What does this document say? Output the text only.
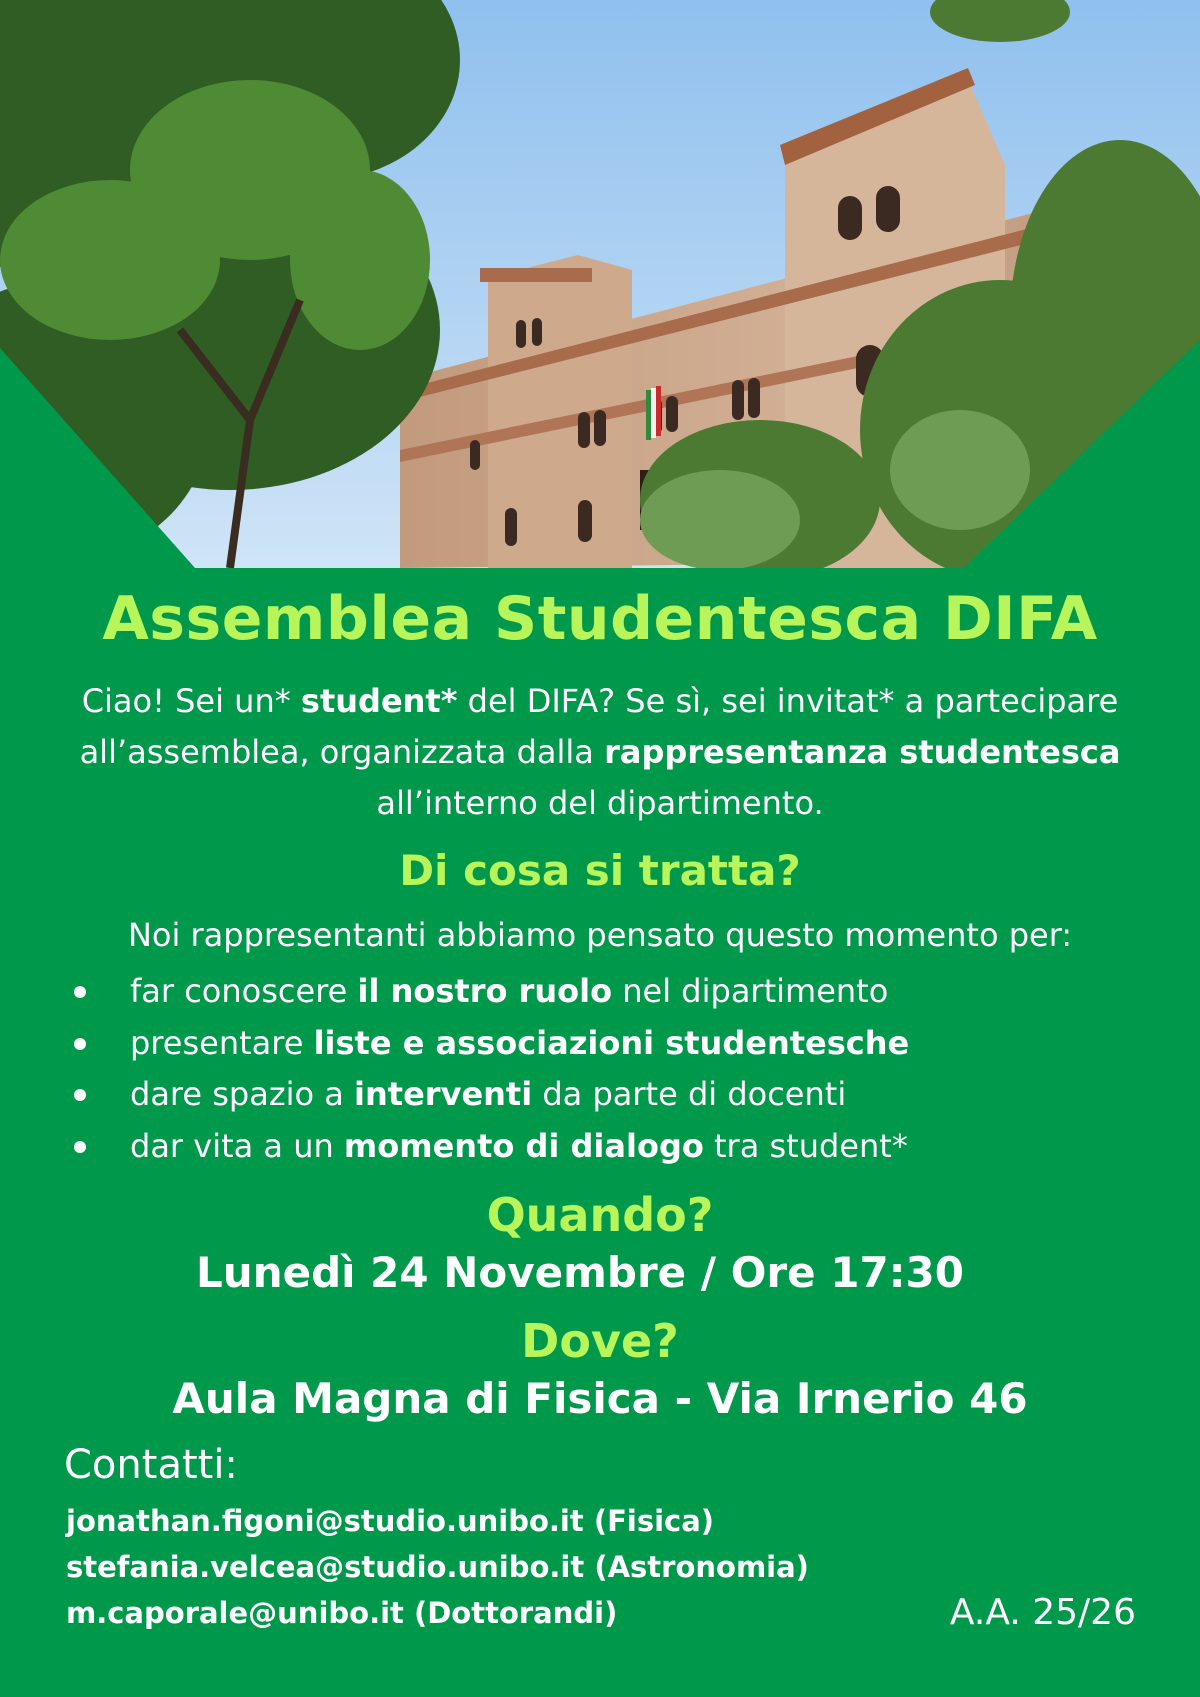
Assemblea Studentesca DIFA

Ciao! Sei un* student* del DIFA? Se sì, sei invitat* a partecipare
all’assemblea, organizzata dalla rappresentanza studentesca
all’interno del dipartimento.

Di cosa si tratta?

Noi rappresentanti abbiamo pensato questo momento per:

far conoscere il nostro ruolo nel dipartimento
presentare liste e associazioni studentesche
dare spazio a interventi da parte di docenti
dar vita a un momento di dialogo tra student*
Quando?

Lunedì 24 Novembre / Ore 17:30

Dove?

Aula Magna di Fisica - Via Irnerio 46

Contatti:

jonathan.figoni@studio.unibo.it (Fisica)
stefania.velcea@studio.unibo.it (Astronomia)
m.caporale@unibo.it (Dottorandi)	A.A. 25/26
